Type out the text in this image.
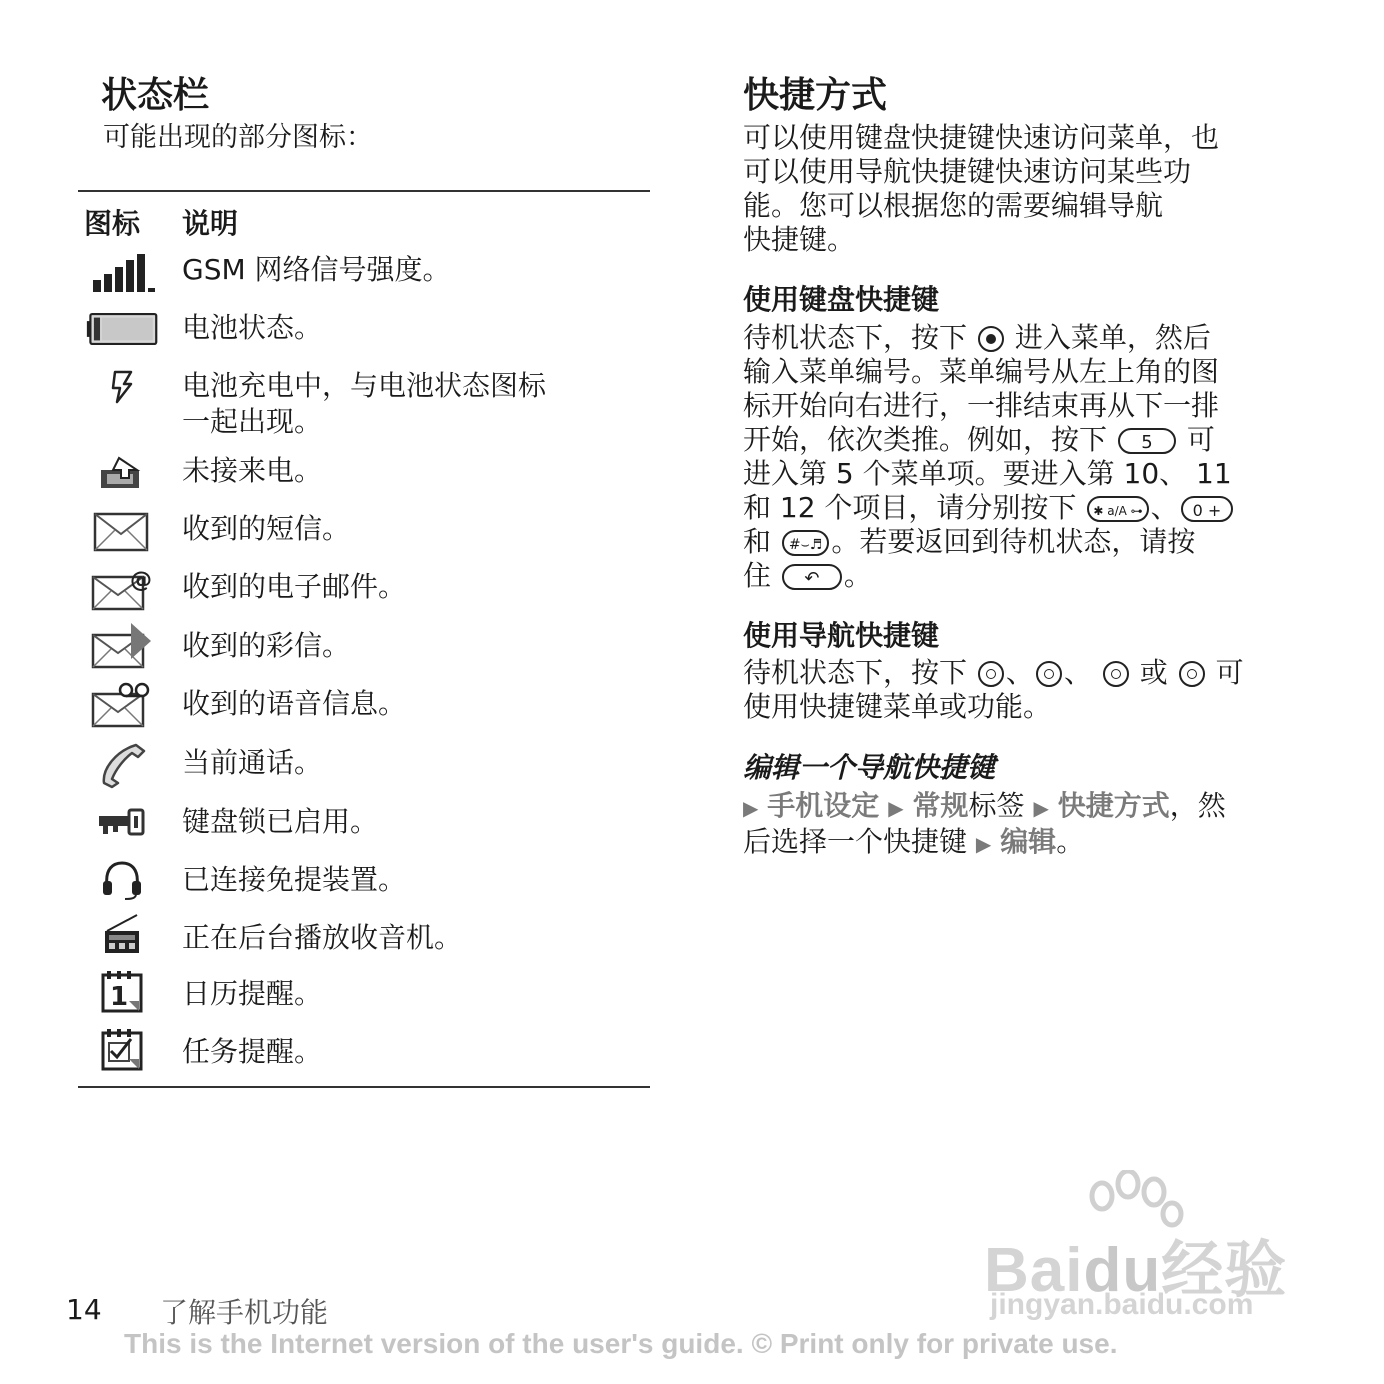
状态栏
可能出现的部分图标：
图标 说明
GSM 网络信号强度。
电池状态。
电池充电中，与电池状态图标
一起出现。
未接来电。
收到的短信。
@ 收到的电子邮件。
收到的彩信。
收到的语音信息。
当前通话。
键盘锁已启用。
已连接免提装置。
正在后台播放收音机。
1 日历提醒。
任务提醒。
快捷方式
可以使用键盘快捷键快速访问菜单，也
可以使用导航快捷键快速访问某些功
能。您可以根据您的需要编辑导航
快捷键。
使用键盘快捷键
待机状态下，按下 进入菜单，然后
输入菜单编号。菜单编号从左上角的图
标开始向右进行，一排结束再从下一排
开始，依次类推。例如，按下 5 可
进入第 5 个菜单项。要进入第 10、 11
和 12 个项目，请分别按下 ✱ a/A ⊶ 、 0 +
和 #⌣♬ 。若要返回到待机状态，请按
住 ↶ 。
使用导航快捷键
待机状态下，按下 、 、 或 可
使用快捷键菜单或功能。
编辑一个导航快捷键
▶ 手机设定 ▶ 常规标签 ▶ 快捷方式，然
后选择一个快捷键 ▶ 编辑。
Baidu经验
jingyan.baidu.com
14 了解手机功能
This is the Internet version of the user's guide. © Print only for private use.
